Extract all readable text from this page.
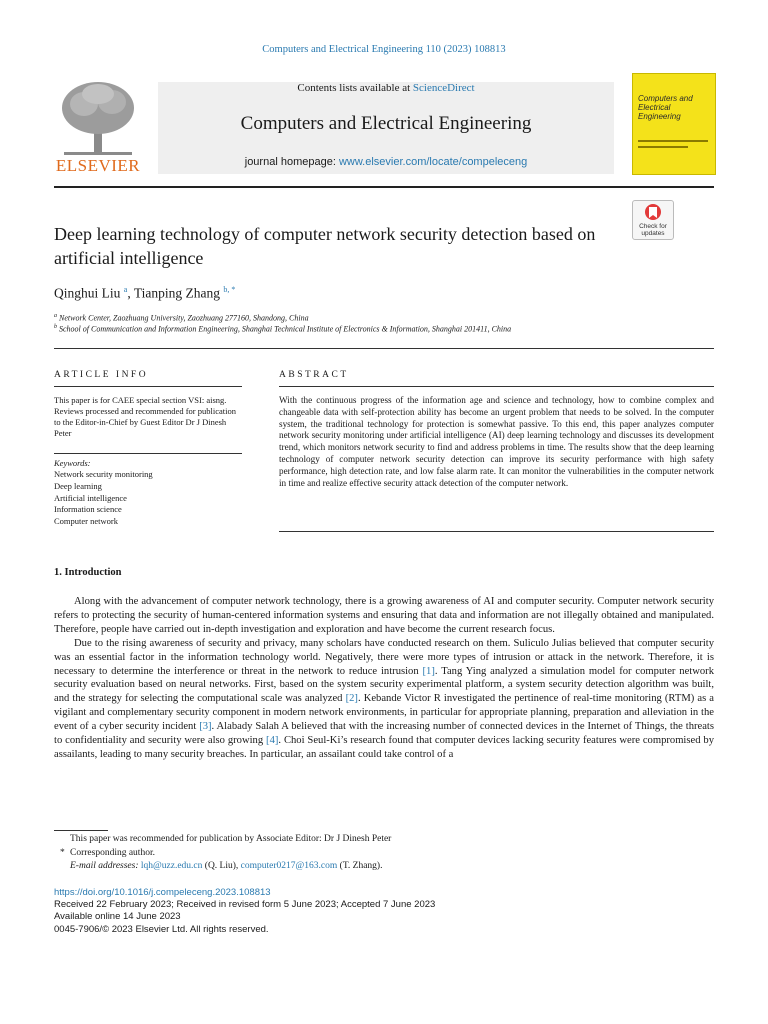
Computers and Electrical Engineering 110 (2023) 108813
ELSEVIER
Contents lists available at ScienceDirect
Computers and Electrical Engineering
journal homepage: www.elsevier.com/locate/compeleceng
Computers and Electrical Engineering
Check for updates
Deep learning technology of computer network security detection based on artificial intelligence
Qinghui Liu $^a$, Tianping Zhang $^{b, *}$
$^a$ Network Center, Zaozhuang University, Zaozhuang 277160, Shandong, China
$^b$ School of Communication and Information Engineering, Shanghai Technical Institute of Electronics & Information, Shanghai 201411, China
ARTICLE INFO
This paper is for CAEE special section VSI: aisng. Reviews processed and recommended for publication to the Editor-in-Chief by Guest Editor Dr J Dinesh Peter
Keywords:
Network security monitoring
Deep learning
Artificial intelligence
Information science
Computer network
ABSTRACT
With the continuous progress of the information age and science and technology, how to combine complex and changeable data with self-protection ability has become an urgent problem that needs to be solved. In the computer system, the traditional technology for protection is somewhat passive. To this end, this paper analyzes computer network security monitoring under artificial intelligence (AI) deep learning technology and discusses its development trend, which monitors network security to find and address problems in time. The results show that the deep learning technology of computer network security detection can improve its security performance with high safety performance, high detection rate, and low false alarm rate. It can monitor the vulnerabilities in the computer network in time and realize effective security attack detection of the computer network.
1. Introduction

Along with the advancement of computer network technology, there is a growing awareness of AI and computer security. Computer network security refers to protecting the security of human-centered information systems and ensuring that data and information are not illegally obtained and manipulated. Therefore, people have carried out in-depth investigation and exploration and have become the current research focus.

Due to the rising awareness of security and privacy, many scholars have conducted research on them. Suliculo Julias believed that computer security was an essential factor in the information technology world. Negatively, there were more types of intrusion or attack in the network. Therefore, it is necessary to determine the interference or threat in the network to reduce intrusion [1]. Tang Ying analyzed a simulation model for computer network security evaluation based on neural networks. First, based on the system security experimental platform, a system security detection algorithm was built, and the strategy for selecting the computational scale was analyzed [2]. Kebande Victor R investigated the pertinence of real-time monitoring (RTM) as a vigilant and complementary security component in modern network environments, in particular for appropriate planning, preparation and alleviation in the event of a cyber security incident [3]. Alabady Salah A believed that with the increasing number of connected devices in the Internet of Things, the threats to confidentiality and security were also growing [4]. Choi Seul-Ki’s research found that computer devices lacking security features were compromised by assailants, leading to many security breaches. In particular, an assailant could take control of a

This paper was recommended for publication by Associate Editor: Dr J Dinesh Peter
* Corresponding author.
E-mail addresses: lqh@uzz.edu.cn (Q. Liu), computer0217@163.com (T. Zhang).
https://doi.org/10.1016/j.compeleceng.2023.108813
Received 22 February 2023; Received in revised form 5 June 2023; Accepted 7 June 2023
Available online 14 June 2023
0045-7906/© 2023 Elsevier Ltd. All rights reserved.
